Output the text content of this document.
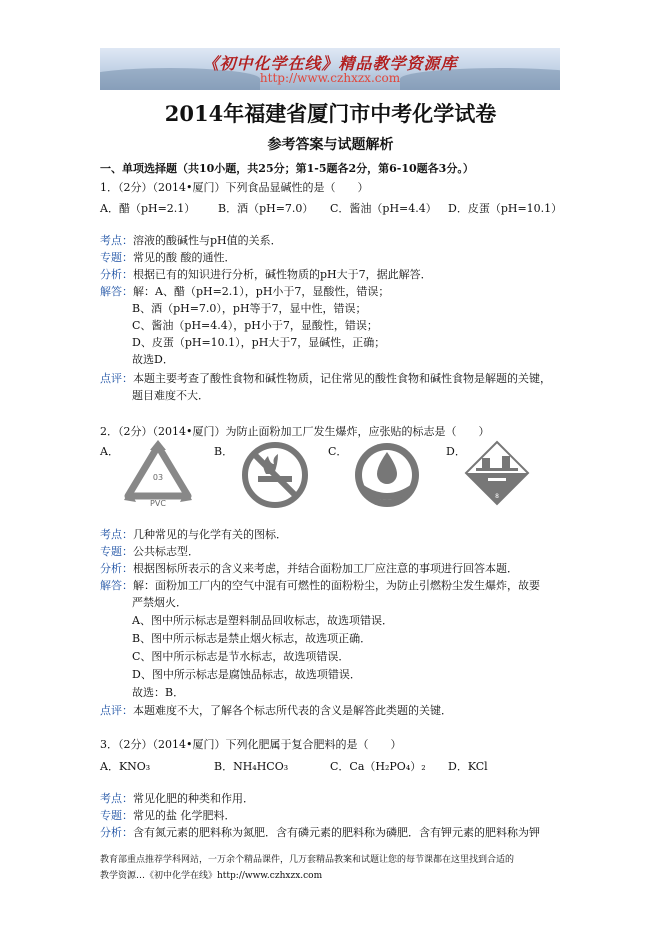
《初中化学在线》精品教学资源库
http://www.czhxzx.com
2014年福建省厦门市中考化学试卷
参考答案与试题解析
一、单项选择题（共10小题，共25分；第1-5题各2分，第6-10题各3分。）
1．（2分）（2014•厦门）下列食品显碱性的是（　　）
A．醋（pH=2.1） B．酒（pH=7.0） C．酱油（pH=4.4） D．皮蛋（pH=10.1）
考点：溶液的酸碱性与pH值的关系．
专题：常见的酸 酸的通性．
分析：根据已有的知识进行分析，碱性物质的pH大于7，据此解答．
解答：解：A、醋（pH=2.1），pH小于7，显酸性，错误；
B、酒（pH=7.0），pH等于7，显中性，错误；
C、酱油（pH=4.4），pH小于7，显酸性，错误；
D、皮蛋（pH=10.1），pH大于7，显碱性，正确；
故选D．
点评：本题主要考查了酸性食物和碱性物质，记住常见的酸性食物和碱性食物是解题的关键，
题目难度不大．
2．（2分）（2014•厦门）为防止面粉加工厂发生爆炸，应张贴的标志是（　　）
A．	B．	C．	D．
03
PVC
8
考点：几种常见的与化学有关的图标．
专题：公共标志型．
分析：根据图标所表示的含义来考虑，并结合面粉加工厂应注意的事项进行回答本题．
解答：解：面粉加工厂内的空气中混有可燃性的面粉粉尘，为防止引燃粉尘发生爆炸，故要
严禁烟火．
A、图中所示标志是塑料制品回收标志，故选项错误．
B、图中所示标志是禁止烟火标志，故选项正确．
C、图中所示标志是节水标志，故选项错误．
D、图中所示标志是腐蚀品标志，故选项错误．
故选：B．
点评：本题难度不大，了解各个标志所代表的含义是解答此类题的关键．
3．（2分）（2014•厦门）下列化肥属于复合肥料的是（　　）
A．KNO₃	B．NH₄HCO₃	C．Ca（H₂PO₄）₂ D．KCl
考点：常见化肥的种类和作用．
专题：常见的盐 化学肥料．
分析：含有氮元素的肥料称为氮肥．含有磷元素的肥料称为磷肥．含有钾元素的肥料称为钾
教育部重点推荐学科网站，一万余个精品课件，几万套精品教案和试题让您的每节课都在这里找到合适的
教学资源…《初中化学在线》http://www.czhxzx.com
